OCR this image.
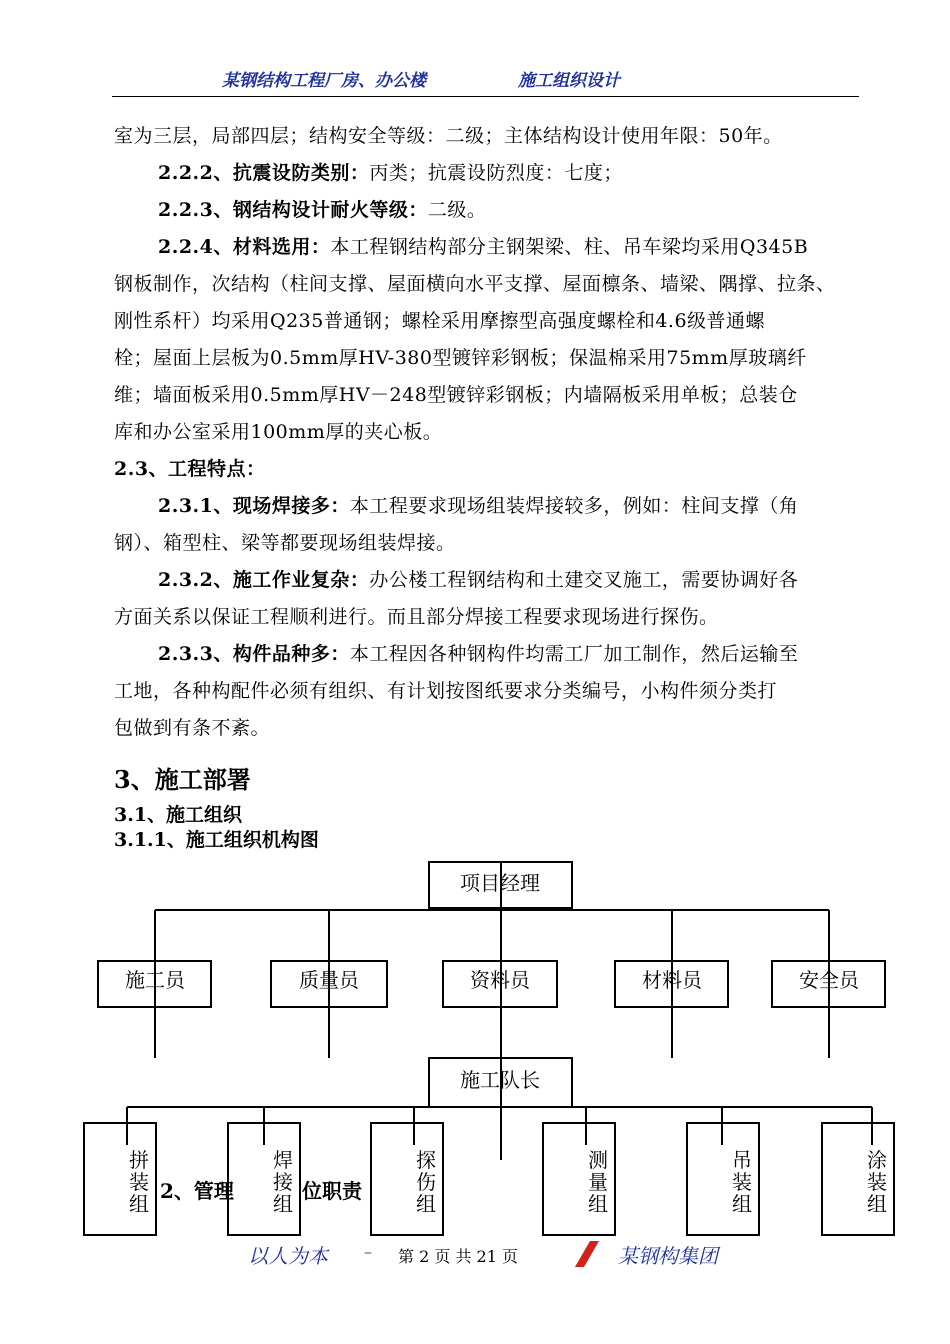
某钢结构工程厂房、办公楼	施工组织设计
室为三层，局部四层；结构安全等级：二级；主体结构设计使用年限：50年。
2.2.2、抗震设防类别：丙类；抗震设防烈度：七度；
2.2.3、钢结构设计耐火等级：二级。
2.2.4、材料选用：本工程钢结构部分主钢架梁、柱、吊车梁均采用Q345B
钢板制作，次结构（柱间支撑、屋面横向水平支撑、屋面檩条、墙梁、隅撑、拉条、
刚性系杆）均采用Q235普通钢；螺栓采用摩擦型高强度螺栓和4.6级普通螺
栓；屋面上层板为0.5mm厚HV-380型镀锌彩钢板；保温棉采用75mm厚玻璃纤
维；墙面板采用0.5mm厚HV－248型镀锌彩钢板；内墙隔板采用单板；总装仓
库和办公室采用100mm厚的夹心板。
2.3、工程特点：
2.3.1、现场焊接多：本工程要求现场组装焊接较多，例如：柱间支撑（角
钢）、箱型柱、梁等都要现场组装焊接。
2.3.2、施工作业复杂：办公楼工程钢结构和土建交叉施工，需要协调好各
方面关系以保证工程顺利进行。而且部分焊接工程要求现场进行探伤。
2.3.3、构件品种多：本工程因各种钢构件均需工厂加工制作，然后运输至
工地，各种构配件必须有组织、有计划按图纸要求分类编号，小构件须分类打
包做到有条不紊。
3、施工部署
3.1、施工组织
3.1.1、施工组织机构图
项目经理
施工员	质量员	资料员	材料员	安全员
施工队长
拼装组
焊接组
探伤组
测量组
吊装组
涂装组
2、管理	位职责
以人为本 – 第 2 页 共 21 页	某钢构集团
